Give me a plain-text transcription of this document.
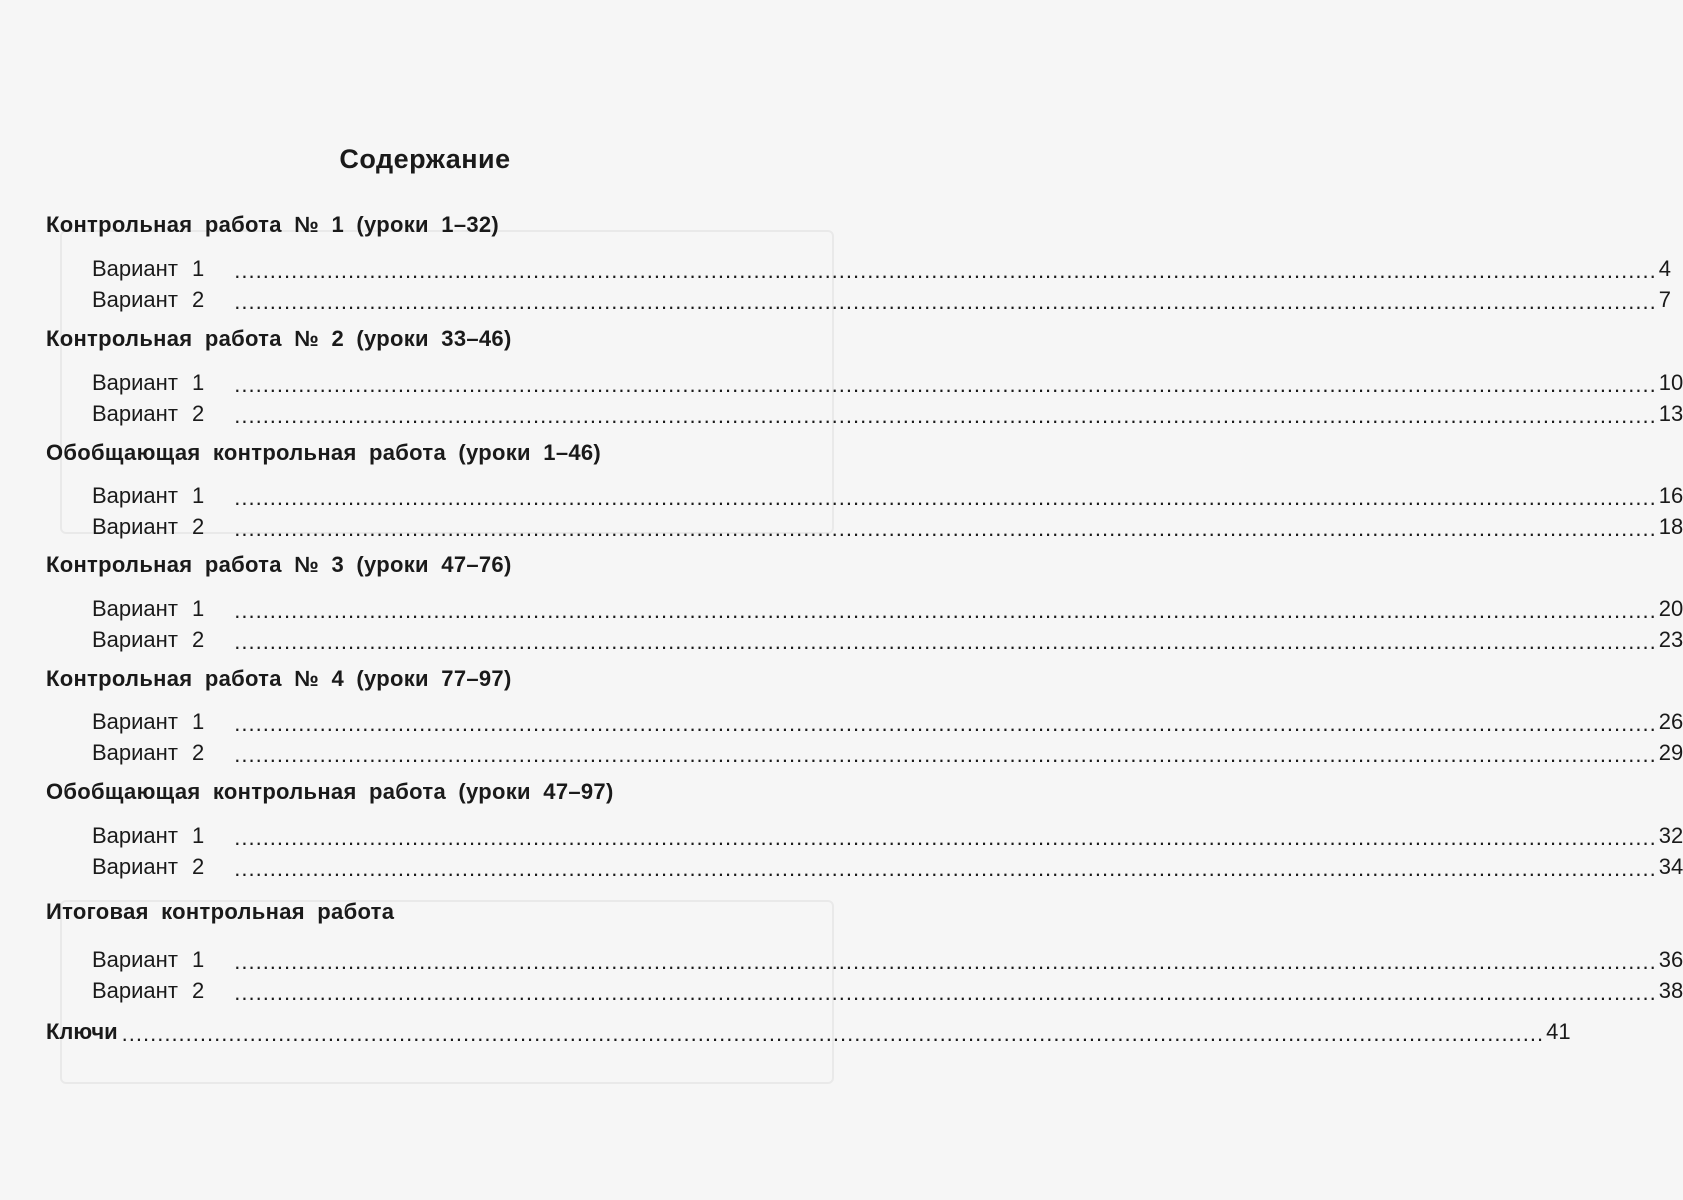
Содержание
Контрольная работа № 1 (уроки 1–32)
Вариант 1 ........................................................................................................................................................................................................ 4
Вариант 2 ........................................................................................................................................................................................................ 7
Контрольная работа № 2 (уроки 33–46)
Вариант 1 ........................................................................................................................................................................................................ 10
Вариант 2 ........................................................................................................................................................................................................ 13
Обобщающая контрольная работа (уроки 1–46)
Вариант 1 ........................................................................................................................................................................................................ 16
Вариант 2 ........................................................................................................................................................................................................ 18
Контрольная работа № 3 (уроки 47–76)
Вариант 1 ........................................................................................................................................................................................................ 20
Вариант 2 ........................................................................................................................................................................................................ 23
Контрольная работа № 4 (уроки 77–97)
Вариант 1 ........................................................................................................................................................................................................ 26
Вариант 2 ........................................................................................................................................................................................................ 29
Обобщающая контрольная работа (уроки 47–97)
Вариант 1 ........................................................................................................................................................................................................ 32
Вариант 2 ........................................................................................................................................................................................................ 34
Итоговая контрольная работа
Вариант 1 ........................................................................................................................................................................................................ 36
Вариант 2 ........................................................................................................................................................................................................ 38
Ключи ........................................................................................................................................................................................................ 41
